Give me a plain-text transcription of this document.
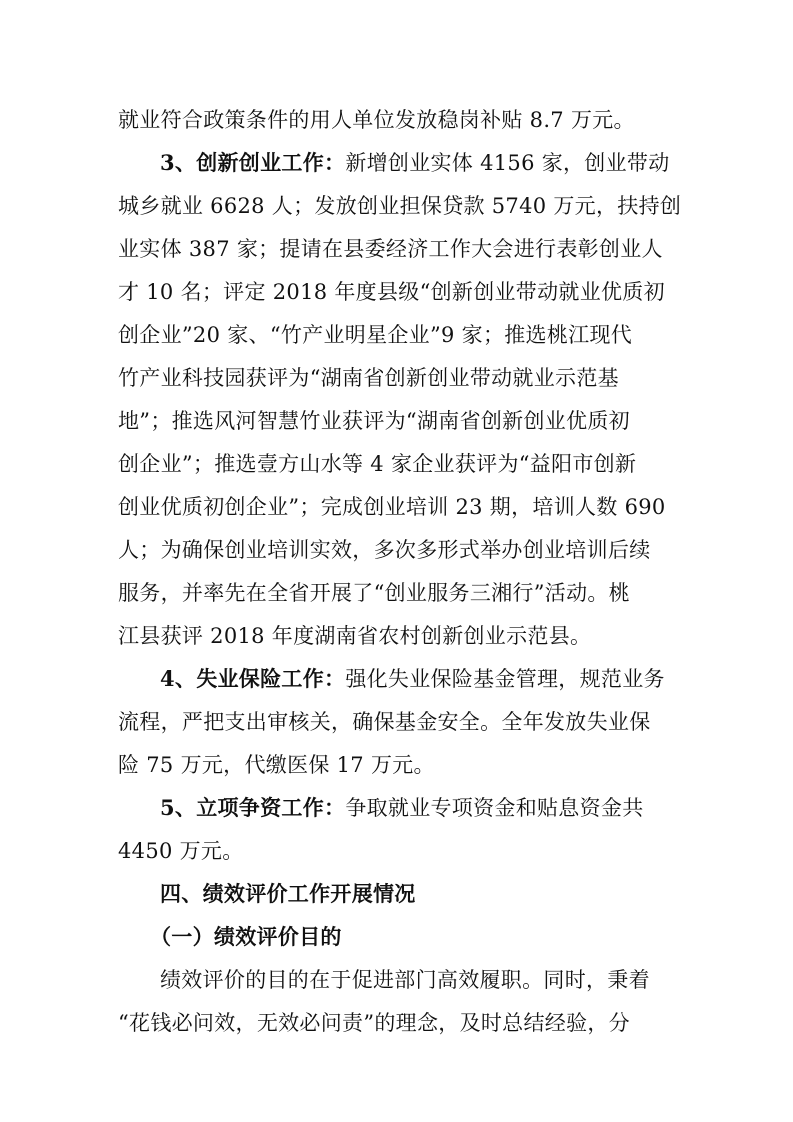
就业符合政策条件的用人单位发放稳岗补贴 8.7 万元。
3、创新创业工作：新增创业实体 4156 家，创业带动
城乡就业 6628 人；发放创业担保贷款 5740 万元，扶持创
业实体 387 家；提请在县委经济工作大会进行表彰创业人
才 10 名；评定 2018 年度县级“创新创业带动就业优质初
创企业”20 家、“竹产业明星企业”9 家；推选桃江现代
竹产业科技园获评为“湖南省创新创业带动就业示范基
地”；推选风河智慧竹业获评为“湖南省创新创业优质初
创企业”；推选壹方山水等 4 家企业获评为“益阳市创新
创业优质初创企业”；完成创业培训 23 期，培训人数 690
人；为确保创业培训实效，多次多形式举办创业培训后续
服务，并率先在全省开展了“创业服务三湘行”活动。桃
江县获评 2018 年度湖南省农村创新创业示范县。
4、失业保险工作：强化失业保险基金管理，规范业务
流程，严把支出审核关，确保基金安全。全年发放失业保
险 75 万元，代缴医保 17 万元。
5、立项争资工作：争取就业专项资金和贴息资金共
4450 万元。
四、绩效评价工作开展情况
（一）绩效评价目的
绩效评价的目的在于促进部门高效履职。同时，秉着
“花钱必问效，无效必问责”的理念，及时总结经验，分
